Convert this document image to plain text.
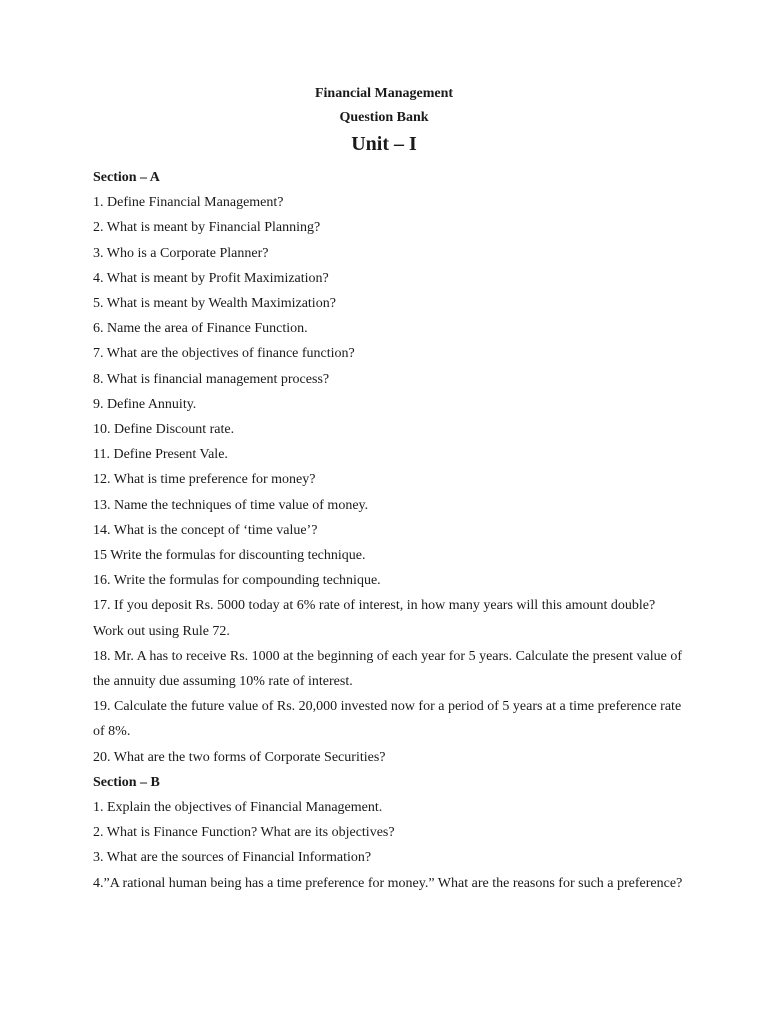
Financial Management
Question Bank
Unit – I
Section – A
1. Define Financial Management?
2. What is meant by Financial Planning?
3. Who is a Corporate Planner?
4. What is meant by Profit Maximization?
5. What is meant by Wealth Maximization?
6. Name the area of Finance Function.
7. What are the objectives of finance function?
8. What is financial management process?
9. Define Annuity.
10. Define Discount rate.
11. Define Present Vale.
12. What is time preference for money?
13. Name the techniques of time value of money.
14. What is the concept of ‘time value’?
15 Write the formulas for discounting technique.
16. Write the formulas for compounding technique.
17. If you deposit Rs. 5000 today at 6% rate of interest, in how many years will this amount double? Work out using Rule 72.
18. Mr. A has to receive Rs. 1000 at the beginning of each year for 5 years. Calculate the present value of the annuity due assuming 10% rate of interest.
19. Calculate the future value of Rs. 20,000 invested now for a period of 5 years at a time preference rate of 8%.
20. What are the two forms of Corporate Securities?
Section – B
1. Explain the objectives of Financial Management.
2. What is Finance Function? What are its objectives?
3. What are the sources of Financial Information?
4.”A rational human being has a time preference for money.” What are the reasons for such a preference?
